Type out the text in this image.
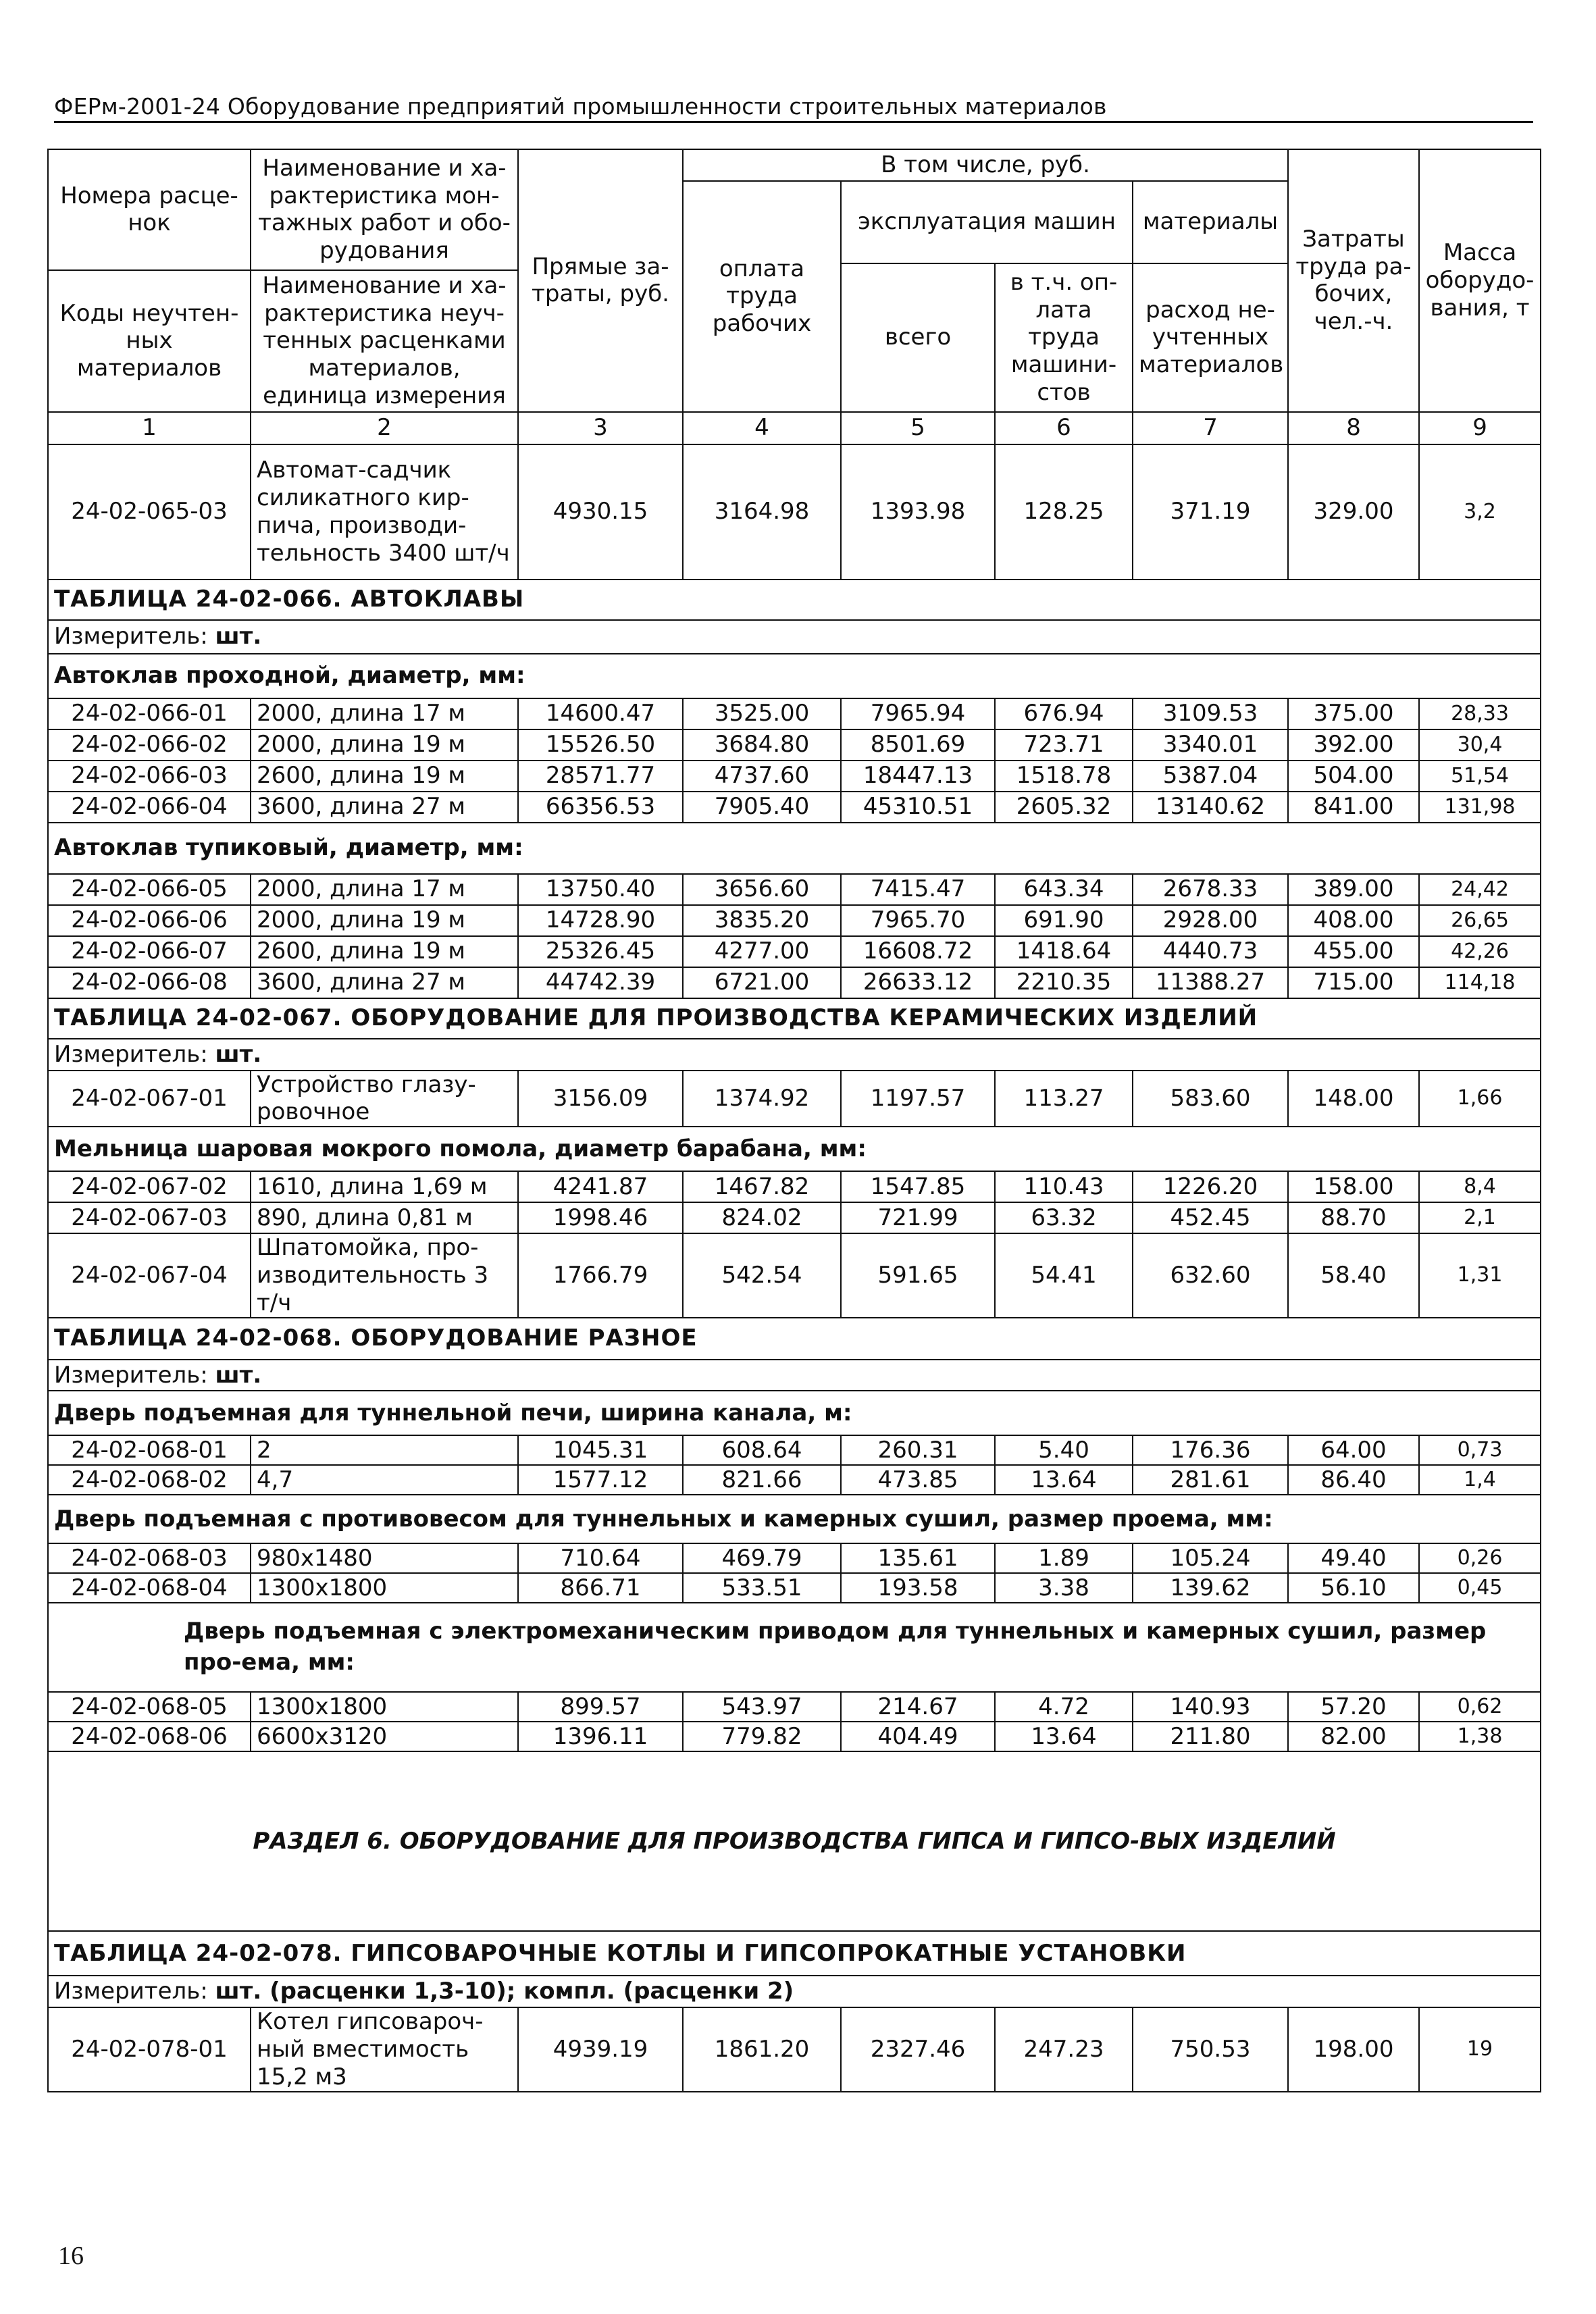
ФЕРм-2001-24 Оборудование предприятий промышленности строительных материалов
Номера расце-нок	Наименование и ха-рактеристика мон-тажных работ и обо-рудования	Прямые за-траты, руб.	В том числе, руб.				Затраты труда ра-бочих, чел.-ч.	Масса оборудо-вания, т
			оплата труда рабочих	эксплуатация машин		материалы		
				всего	в т.ч. оп-лата труда машини-стов	расход не-учтенных материалов		
Коды неучтен-ных материалов	Наименование и ха-рактеристика неуч-тенных расценками материалов, единица измерения							

1	2	3	4	5	6	7	8	9
24-02-065-03	Автомат-садчик силикатного кир-пича, производи-тельность 3400 шт/ч	4930.15	3164.98	1393.98	128.25	371.19	329.00	3,2
ТАБЛИЦА 24-02-066. АВТОКЛАВЫ								
Измеритель: шт.								
Автоклав проходной, диаметр, мм:								
24-02-066-01	2000, длина 17 м	14600.47	3525.00	7965.94	676.94	3109.53	375.00	28,33
24-02-066-02	2000, длина 19 м	15526.50	3684.80	8501.69	723.71	3340.01	392.00	30,4
24-02-066-03	2600, длина 19 м	28571.77	4737.60	18447.13	1518.78	5387.04	504.00	51,54
24-02-066-04	3600, длина 27 м	66356.53	7905.40	45310.51	2605.32	13140.62	841.00	131,98
Автоклав тупиковый, диаметр, мм:								
24-02-066-05	2000, длина 17 м	13750.40	3656.60	7415.47	643.34	2678.33	389.00	24,42
24-02-066-06	2000, длина 19 м	14728.90	3835.20	7965.70	691.90	2928.00	408.00	26,65
24-02-066-07	2600, длина 19 м	25326.45	4277.00	16608.72	1418.64	4440.73	455.00	42,26
24-02-066-08	3600, длина 27 м	44742.39	6721.00	26633.12	2210.35	11388.27	715.00	114,18
ТАБЛИЦА 24-02-067. ОБОРУДОВАНИЕ ДЛЯ ПРОИЗВОДСТВА КЕРАМИЧЕСКИХ ИЗДЕЛИЙ								
Измеритель: шт.								
24-02-067-01	Устройство глазу-ровочное	3156.09	1374.92	1197.57	113.27	583.60	148.00	1,66
Мельница шаровая мокрого помола, диаметр барабана, мм:								
24-02-067-02	1610, длина 1,69 м	4241.87	1467.82	1547.85	110.43	1226.20	158.00	8,4
24-02-067-03	890, длина 0,81 м	1998.46	824.02	721.99	63.32	452.45	88.70	2,1
24-02-067-04	Шпатомойка, про-изводительность 3 т/ч	1766.79	542.54	591.65	54.41	632.60	58.40	1,31
ТАБЛИЦА 24-02-068. ОБОРУДОВАНИЕ РАЗНОЕ								
Измеритель: шт.								
Дверь подъемная для туннельной печи, ширина канала, м:								
24-02-068-01	2	1045.31	608.64	260.31	5.40	176.36	64.00	0,73
24-02-068-02	4,7	1577.12	821.66	473.85	13.64	281.61	86.40	1,4
Дверь подъемная с противовесом для туннельных и камерных сушил, размер проема, мм:								
24-02-068-03	980x1480	710.64	469.79	135.61	1.89	105.24	49.40	0,26
24-02-068-04	1300x1800	866.71	533.51	193.58	3.38	139.62	56.10	0,45
Дверь подъемная с электромеханическим приводом для туннельных и камерных сушил, размер про-ема, мм:								
24-02-068-05	1300x1800	899.57	543.97	214.67	4.72	140.93	57.20	0,62
24-02-068-06	6600x3120	1396.11	779.82	404.49	13.64	211.80	82.00	1,38
РАЗДЕЛ 6. ОБОРУДОВАНИЕ ДЛЯ ПРОИЗВОДСТВА ГИПСА И ГИПСО-ВЫХ ИЗДЕЛИЙ								
ТАБЛИЦА 24-02-078. ГИПСОВАРОЧНЫЕ КОТЛЫ И ГИПСОПРОКАТНЫЕ УСТАНОВКИ								
Измеритель: шт. (расценки 1,3-10); компл. (расценки 2)								
24-02-078-01	Котел гипсовароч-ный вместимость 15,2 м3	4939.19	1861.20	2327.46	247.23	750.53	198.00	19
16
